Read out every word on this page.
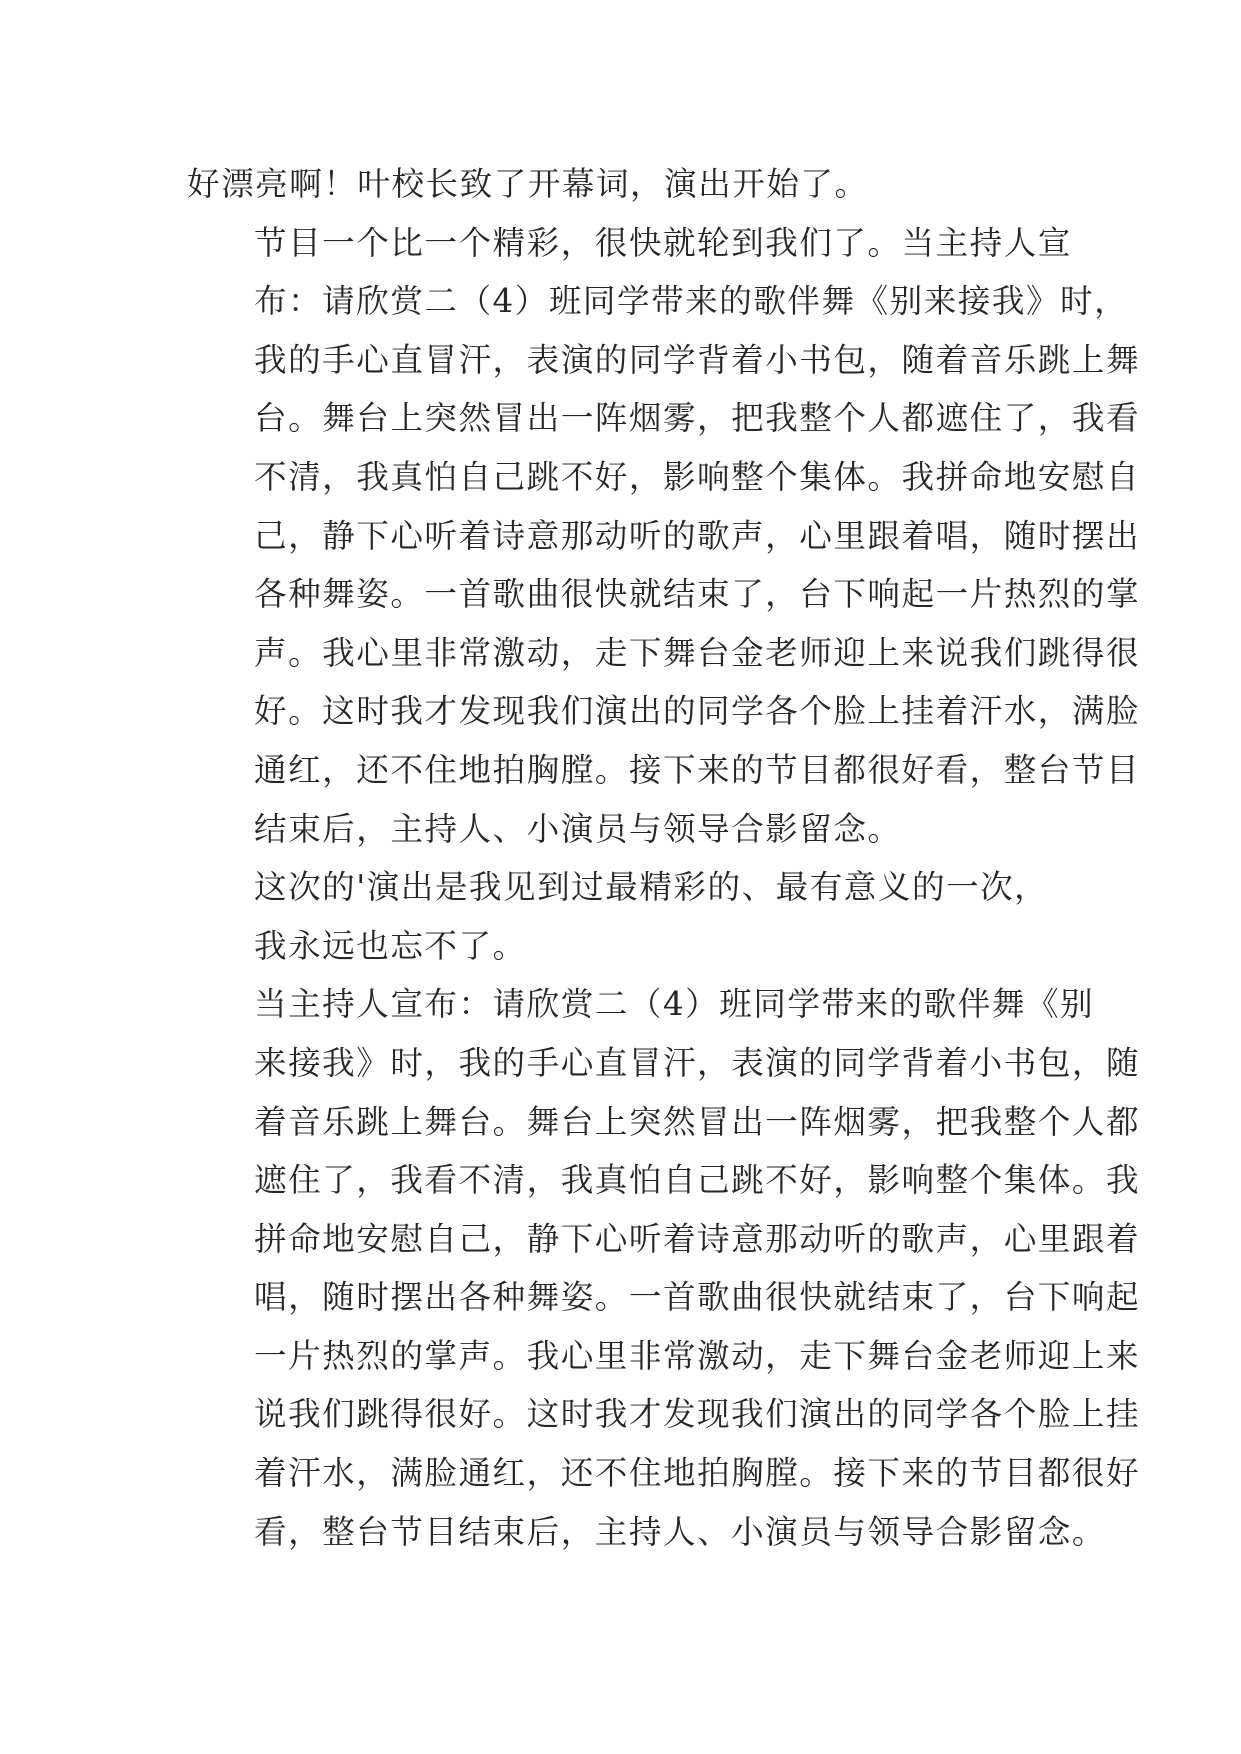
好漂亮啊！叶校长致了开幕词，演出开始了。

节目一个比一个精彩，很快就轮到我们了。当主持人宣
布：请欣赏二（4）班同学带来的歌伴舞《别来接我》时，
我的手心直冒汗，表演的同学背着小书包，随着音乐跳上舞
台。舞台上突然冒出一阵烟雾，把我整个人都遮住了，我看
不清，我真怕自己跳不好，影响整个集体。我拼命地安慰自
己，静下心听着诗意那动听的歌声，心里跟着唱，随时摆出
各种舞姿。一首歌曲很快就结束了，台下响起一片热烈的掌
声。我心里非常激动，走下舞台金老师迎上来说我们跳得很
好。这时我才发现我们演出的同学各个脸上挂着汗水，满脸
通红，还不住地拍胸膛。接下来的节目都很好看，整台节目
结束后，主持人、小演员与领导合影留念。

这次的'演出是我见到过最精彩的、最有意义的一次，
我永远也忘不了。

当主持人宣布：请欣赏二（4）班同学带来的歌伴舞《别
来接我》时，我的手心直冒汗，表演的同学背着小书包，随
着音乐跳上舞台。舞台上突然冒出一阵烟雾，把我整个人都
遮住了，我看不清，我真怕自己跳不好，影响整个集体。我
拼命地安慰自己，静下心听着诗意那动听的歌声，心里跟着
唱，随时摆出各种舞姿。一首歌曲很快就结束了，台下响起
一片热烈的掌声。我心里非常激动，走下舞台金老师迎上来
说我们跳得很好。这时我才发现我们演出的同学各个脸上挂
着汗水，满脸通红，还不住地拍胸膛。接下来的节目都很好
看，整台节目结束后，主持人、小演员与领导合影留念。
